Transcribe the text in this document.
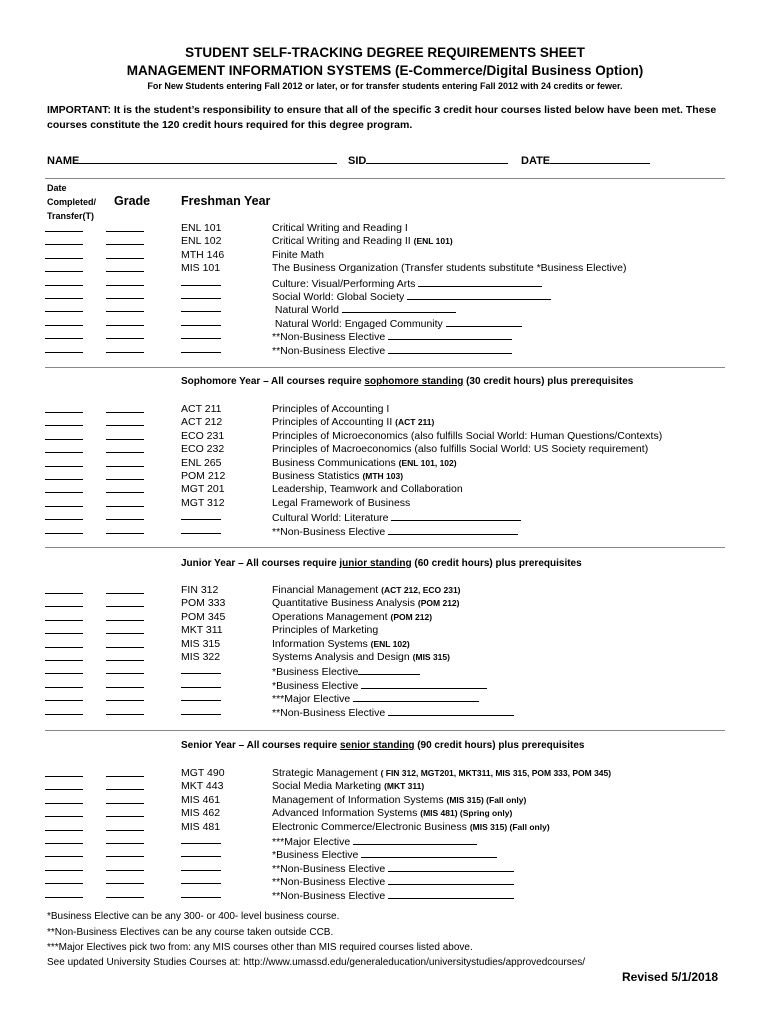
STUDENT SELF-TRACKING DEGREE REQUIREMENTS SHEET
MANAGEMENT INFORMATION SYSTEMS (E-Commerce/Digital Business Option)
For New Students entering Fall 2012 or later, or for transfer students entering Fall 2012 with 24 credits or fewer.
IMPORTANT: It is the student’s responsibility to ensure that all of the specific 3 credit hour courses listed below have been met. These courses constitute the 120 credit hours required for this degree program.
NAME	SID	DATE
Date
Completed/
Transfer(T)
Grade Freshman Year
ENL 101	Critical Writing and Reading I
ENL 102	Critical Writing and Reading II (ENL 101)
MTH 146	Finite Math
MIS 101	The Business Organization (Transfer students substitute *Business Elective)
Culture: Visual/Performing Arts
Social World: Global Society
Natural World
Natural World: Engaged Community
**Non-Business Elective
**Non-Business Elective
Sophomore Year – All courses require sophomore standing (30 credit hours) plus prerequisites
ACT 211	Principles of Accounting I
ACT 212	Principles of Accounting II (ACT 211)
ECO 231	Principles of Microeconomics (also fulfills Social World: Human Questions/Contexts)
ECO 232	Principles of Macroeconomics (also fulfills Social World: US Society requirement)
ENL 265	Business Communications (ENL 101, 102)
POM 212	Business Statistics (MTH 103)
MGT 201	Leadership, Teamwork and Collaboration
MGT 312	Legal Framework of Business
Cultural World: Literature
**Non-Business Elective
Junior Year – All courses require junior standing (60 credit hours) plus prerequisites
FIN 312	Financial Management (ACT 212, ECO 231)
POM 333	Quantitative Business Analysis (POM 212)
POM 345	Operations Management (POM 212)
MKT 311	Principles of Marketing
MIS 315	Information Systems (ENL 102)
MIS 322	Systems Analysis and Design (MIS 315)
*Business Elective
*Business Elective
***Major Elective
**Non-Business Elective
Senior Year – All courses require senior standing (90 credit hours) plus prerequisites
MGT 490	Strategic Management ( FIN 312, MGT201, MKT311, MIS 315, POM 333, POM 345)
MKT 443	Social Media Marketing (MKT 311)
MIS 461	Management of Information Systems (MIS 315) (Fall only)
MIS 462	Advanced Information Systems (MIS 481) (Spring only)
MIS 481	Electronic Commerce/Electronic Business (MIS 315) (Fall only)
***Major Elective
*Business Elective
**Non-Business Elective
**Non-Business Elective
**Non-Business Elective
*Business Elective can be any 300- or 400- level business course.
**Non-Business Electives can be any course taken outside CCB.
***Major Electives pick two from: any MIS courses other than MIS required courses listed above.
See updated University Studies Courses at: http://www.umassd.edu/generaleducation/universitystudies/approvedcourses/
Revised 5/1/2018
